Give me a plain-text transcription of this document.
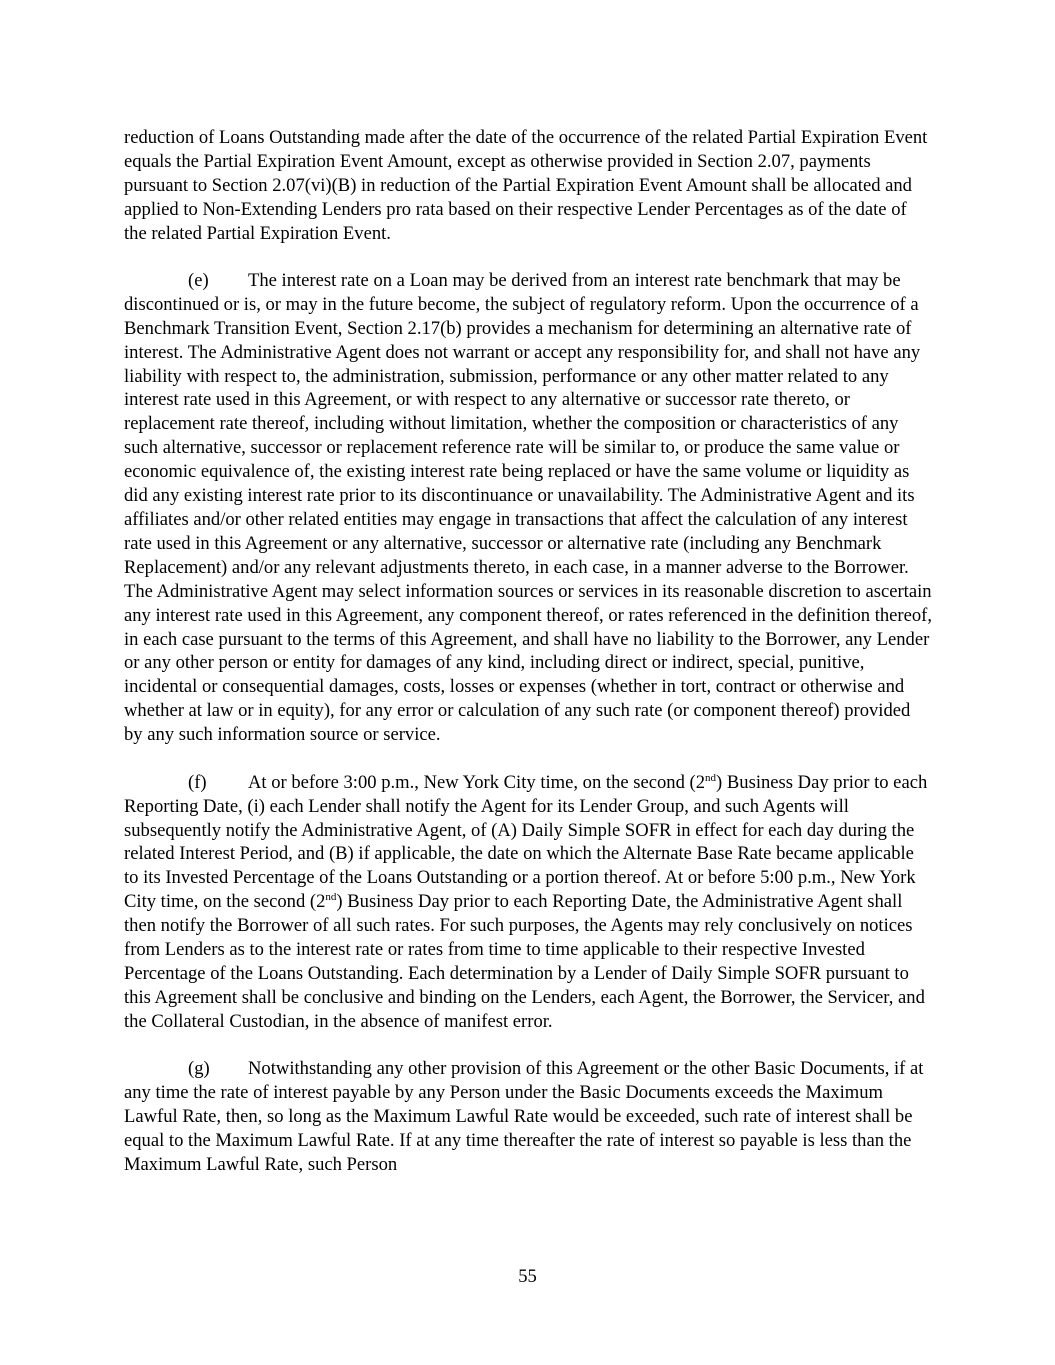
reduction of Loans Outstanding made after the date of the occurrence of the related Partial Expiration Event equals the Partial Expiration Event Amount, except as otherwise provided in Section 2.07, payments pursuant to Section 2.07(vi)(B) in reduction of the Partial Expiration Event Amount shall be allocated and applied to Non-Extending Lenders pro rata based on their respective Lender Percentages as of the date of the related Partial Expiration Event.

(e) The interest rate on a Loan may be derived from an interest rate benchmark that may be discontinued or is, or may in the future become, the subject of regulatory reform. Upon the occurrence of a Benchmark Transition Event, Section 2.17(b) provides a mechanism for determining an alternative rate of interest. The Administrative Agent does not warrant or accept any responsibility for, and shall not have any liability with respect to, the administration, submission, performance or any other matter related to any interest rate used in this Agreement, or with respect to any alternative or successor rate thereto, or replacement rate thereof, including without limitation, whether the composition or characteristics of any such alternative, successor or replacement reference rate will be similar to, or produce the same value or economic equivalence of, the existing interest rate being replaced or have the same volume or liquidity as did any existing interest rate prior to its discontinuance or unavailability. The Administrative Agent and its affiliates and/or other related entities may engage in transactions that affect the calculation of any interest rate used in this Agreement or any alternative, successor or alternative rate (including any Benchmark Replacement) and/or any relevant adjustments thereto, in each case, in a manner adverse to the Borrower. The Administrative Agent may select information sources or services in its reasonable discretion to ascertain any interest rate used in this Agreement, any component thereof, or rates referenced in the definition thereof, in each case pursuant to the terms of this Agreement, and shall have no liability to the Borrower, any Lender or any other person or entity for damages of any kind, including direct or indirect, special, punitive, incidental or consequential damages, costs, losses or expenses (whether in tort, contract or otherwise and whether at law or in equity), for any error or calculation of any such rate (or component thereof) provided by any such information source or service.

(f) At or before 3:00 p.m., New York City time, on the second (2nd) Business Day prior to each Reporting Date, (i) each Lender shall notify the Agent for its Lender Group, and such Agents will subsequently notify the Administrative Agent, of (A) Daily Simple SOFR in effect for each day during the related Interest Period, and (B) if applicable, the date on which the Alternate Base Rate became applicable to its Invested Percentage of the Loans Outstanding or a portion thereof. At or before 5:00 p.m., New York City time, on the second (2nd) Business Day prior to each Reporting Date, the Administrative Agent shall then notify the Borrower of all such rates. For such purposes, the Agents may rely conclusively on notices from Lenders as to the interest rate or rates from time to time applicable to their respective Invested Percentage of the Loans Outstanding. Each determination by a Lender of Daily Simple SOFR pursuant to this Agreement shall be conclusive and binding on the Lenders, each Agent, the Borrower, the Servicer, and the Collateral Custodian, in the absence of manifest error.

(g) Notwithstanding any other provision of this Agreement or the other Basic Documents, if at any time the rate of interest payable by any Person under the Basic Documents exceeds the Maximum Lawful Rate, then, so long as the Maximum Lawful Rate would be exceeded, such rate of interest shall be equal to the Maximum Lawful Rate. If at any time thereafter the rate of interest so payable is less than the Maximum Lawful Rate, such Person

55
